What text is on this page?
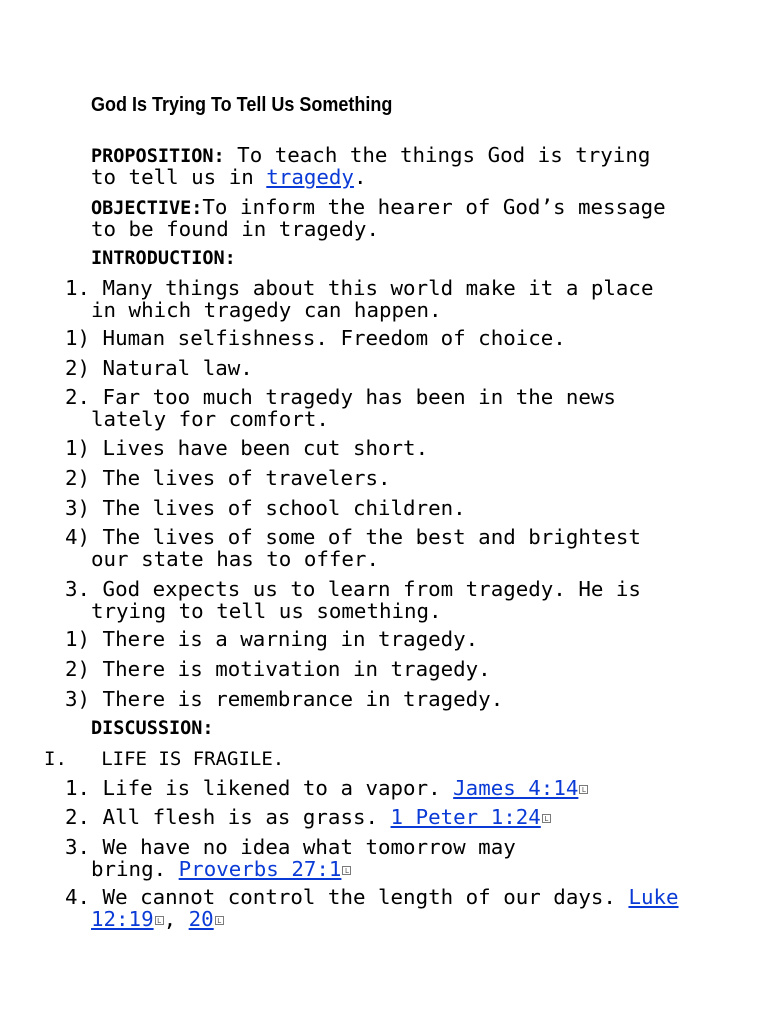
God Is Trying To Tell Us Something
PROPOSITION: To teach the things God is trying
to tell us in tragedy.
OBJECTIVE:To inform the hearer of God’s message
to be found in tragedy.
INTRODUCTION:
1. Many things about this world make it a place
in which tragedy can happen.
1) Human selfishness. Freedom of choice.
2) Natural law.
2. Far too much tragedy has been in the news
lately for comfort.
1) Lives have been cut short.
2) The lives of travelers.
3) The lives of school children.
4) The lives of some of the best and brightest
our state has to offer.
3. God expects us to learn from tragedy. He is
trying to tell us something.
1) There is a warning in tragedy.
2) There is motivation in tragedy.
3) There is remembrance in tragedy.
DISCUSSION:
I.   LIFE IS FRAGILE.
1. Life is likened to a vapor. James 4:14 L
2. All flesh is as grass. 1 Peter 1:24 L
3. We have no idea what tomorrow may
bring. Proverbs 27:1 L
4. We cannot control the length of our days. Luke
12:19 L , 20 L
